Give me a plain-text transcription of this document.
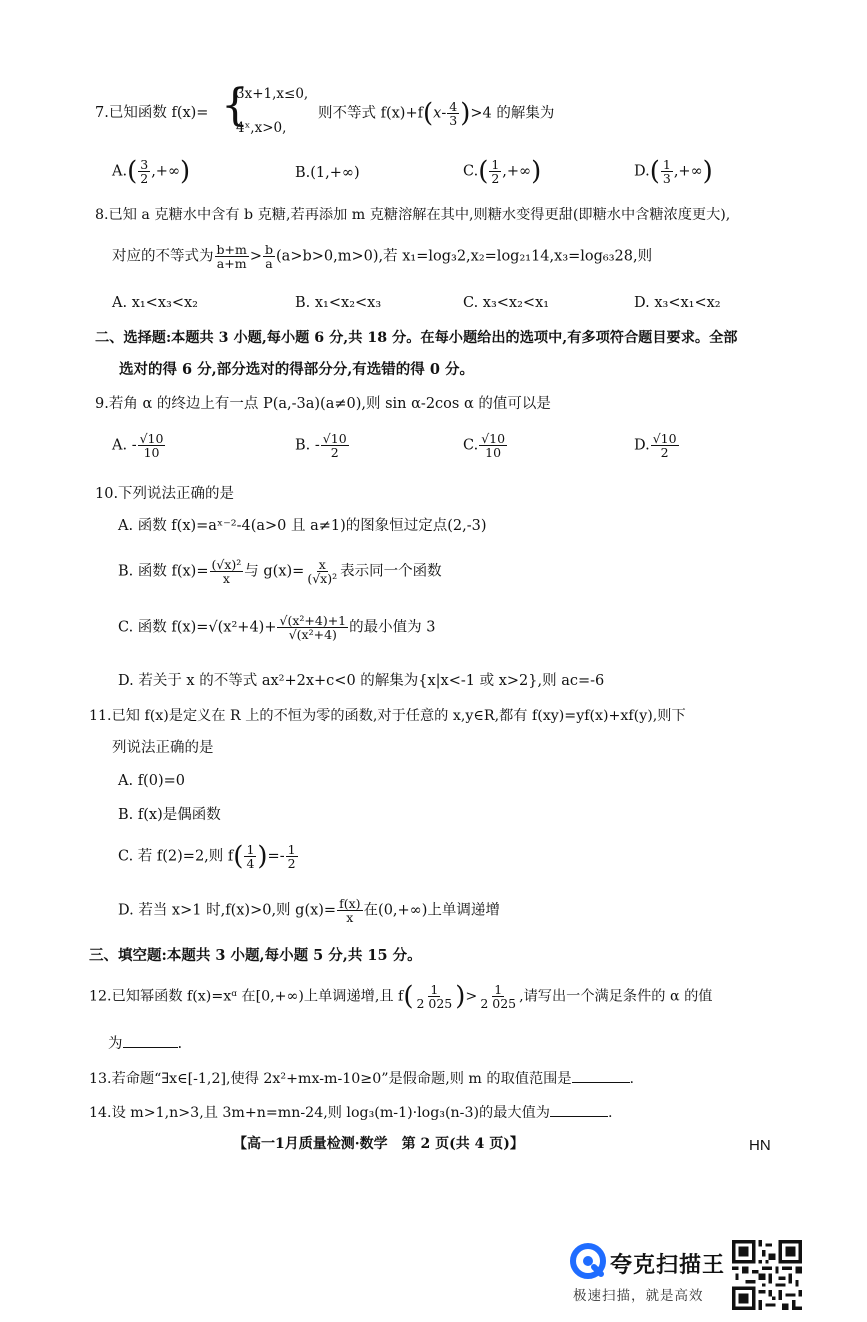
{
7.已知函数 f(x)=
3x+1,x≤0,
4ˣ,x>0,
则不等式 $f(x)+f(x- \frac{4}{3} )>4$ 的解集为
$A.( \frac{3}{2}$ ,+∞)	B.(1,+∞)	$C.( \frac{1}{2}$ ,+∞)	$D.( \frac{1}{3}$ ,+∞)
8.已知 a 克糖水中含有 b 克糖,若再添加 m 克糖溶解在其中,则糖水变得更甜(即糖水中含糖浓度更大),
对应的不等式为 $\frac{b+m}{a+m} > \frac{b}{a} (a>b>0,m>0)$,若 x₁=log₃2,x₂=log₂₁14,x₃=log₆₃28,则
A. x₁<x₃<x₂	B. x₁<x₂<x₃	C. x₃<x₂<x₁	D. x₃<x₁<x₂
二、选择题:本题共 3 小题,每小题 6 分,共 18 分。在每小题给出的选项中,有多项符合题目要求。全部
选对的得 6 分,部分选对的得部分分,有选错的得 0 分。
9.若角 α 的终边上有一点 P(a,-3a)(a≠0),则 sin α-2cos α 的值可以是
A. - $\frac{√10}{10}$	B. - $\frac{√10}{2}$	C. $\frac{√10}{10}$	D. $\frac{√10}{2}$
10.下列说法正确的是
A. 函数 f(x)=aˣ⁻²-4(a>0 且 a≠1)的图象恒过定点(2,-3)
B. 函数 $f(x)= \frac{\text{(√x)²}}{x}$ 与 $g(x)= \frac{x}{\text{(√x)²}}$ 表示同一个函数
C. 函数 $f(x)=√(x^2+4)+ \frac{\text{√(x²+4)+1}}{\text{√(x²+4)}}$ 的最小值为 3
D. 若关于 x 的不等式 ax²+2x+c<0 的解集为{x|x<-1 或 x>2},则 ac=-6
11.已知 f(x)是定义在 R 上的不恒为零的函数,对于任意的 x,y∈R,都有 f(xy)=yf(x)+xf(y),则下
列说法正确的是
A. f(0)=0
B. f(x)是偶函数
C. 若 f(2)=2,则 $f( \frac{1}{4}$ )=- $\frac{1}{2}$
D. 若当 x>1 时,f(x)>0,则 $g(x)= \frac{f(x)}{x}$ 在(0,+∞)上单调递增
三、填空题:本题共 3 小题,每小题 5 分,共 15 分。
12.已知幂函数 f(x)=xᵅ 在[0,+∞)上单调递增,且 $f( \frac{1}{2 025}$ )> $\frac{1}{2 025}$ ,请写出一个满足条件的 α 的值
为	.
13.若命题“∃x∈[-1,2],使得 2x²+mx-m-10≥0”是假命题,则 m 的取值范围是	.
14.设 m>1,n>3,且 3m+n=mn-24,则 log₃(m-1)·log₃(n-3)的最大值为	.
【高一1月质量检测·数学　第 2 页(共 4 页)】	HN
夸克扫描王
极速扫描，就是高效
